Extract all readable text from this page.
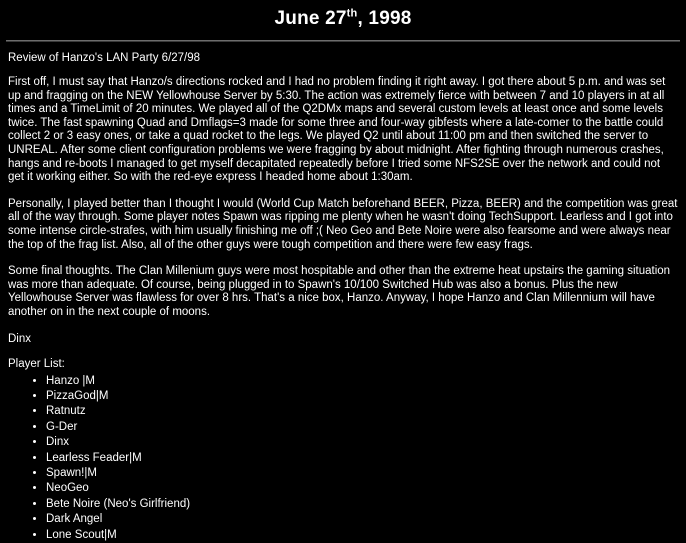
June 27th, 1998
Review of Hanzo's LAN Party 6/27/98

First off, I must say that Hanzo/s directions rocked and I had no problem finding it right away. I got there about 5 p.m. and was set up and fragging on the NEW Yellowhouse Server by 5:30. The action was extremely fierce with between 7 and 10 players in at all times and a TimeLimit of 20 minutes. We played all of the Q2DMx maps and several custom levels at least once and some levels twice. The fast spawning Quad and Dmflags=3 made for some three and four-way gibfests where a late-comer to the battle could collect 2 or 3 easy ones, or take a quad rocket to the legs. We played Q2 until about 11:00 pm and then switched the server to UNREAL. After some client configuration problems we were fragging by about midnight. After fighting through numerous crashes, hangs and re-boots I managed to get myself decapitated repeatedly before I tried some NFS2SE over the network and could not get it working either. So with the red-eye express I headed home about 1:30am.

Personally, I played better than I thought I would (World Cup Match beforehand BEER, Pizza, BEER) and the competition was great all of the way through. Some player notes Spawn was ripping me plenty when he wasn't doing TechSupport. Learless and I got into some intense circle-strafes, with him usually finishing me off ;( Neo Geo and Bete Noire were also fearsome and were always near the top of the frag list. Also, all of the other guys were tough competition and there were few easy frags.

Some final thoughts. The Clan Millenium guys were most hospitable and other than the extreme heat upstairs the gaming situation was more than adequate. Of course, being plugged in to Spawn's 10/100 Switched Hub was also a bonus. Plus the new Yellowhouse Server was flawless for over 8 hrs. That's a nice box, Hanzo. Anyway, I hope Hanzo and Clan Millennium will have another on in the next couple of moons.

Dinx
Player List:
• Hanzo |M
• PizzaGod|M
• Ratnutz
• G-Der
• Dinx
• Learless Feader|M
• Spawn!|M
• NeoGeo
• Bete Noire (Neo's Girlfriend)
• Dark Angel
• Lone Scout|M
